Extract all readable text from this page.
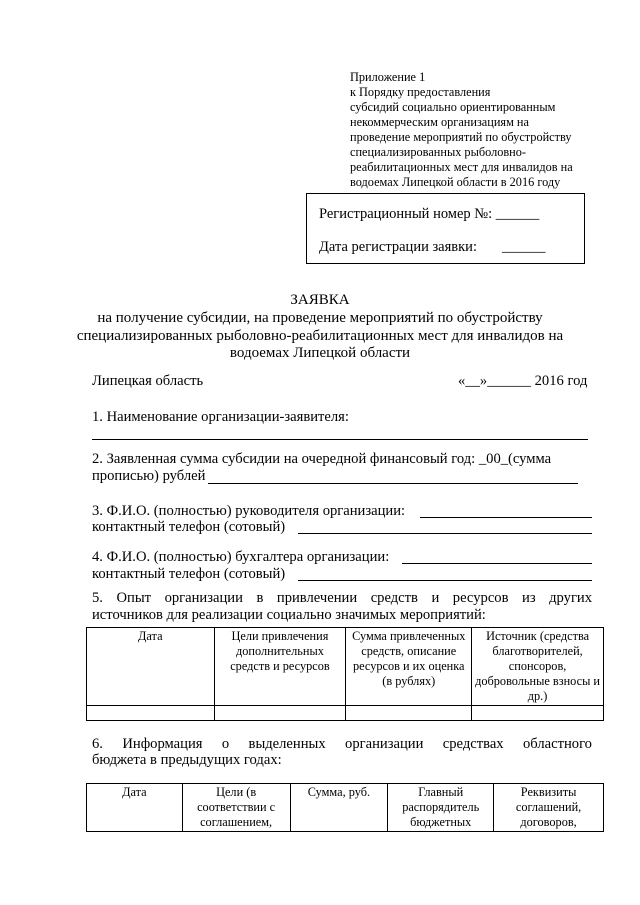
Приложение 1
к Порядку предоставления
субсидий социально ориентированным
некоммерческим организациям на
проведение мероприятий по обустройству
специализированных рыболовно-
реабилитационных мест для инвалидов на
водоемах Липецкой области в 2016 году
Регистрационный номер №: ______
Дата регистрации заявки: ______
ЗАЯВКА
на получение субсидии, на проведение мероприятий по обустройству
специализированных рыболовно-реабилитационных мест для инвалидов на
водоемах Липецкой области
Липецкая область	«__»______ 2016 год
1. Наименование организации-заявителя:
2. Заявленная сумма субсидии на очередной финансовый год: _00_(сумма
прописью) рублей
3. Ф.И.О. (полностью) руководителя организации:
контактный телефон (сотовый)
4. Ф.И.О. (полностью) бухгалтера организации:
контактный телефон (сотовый)
5. Опыт организации в привлечении средств и ресурсов из других
источников для реализации социально значимых мероприятий:
Дата	Цели привлечения дополнительных средств и ресурсов	Сумма привлеченных средств, описание ресурсов и их оценка (в рублях)	Источник (средства благотворителей, спонсоров, добровольные взносы и др.)

6. Информация о выделенных организации средствах областного
бюджета в предыдущих годах:
Дата	Цели (в соответствии с соглашением,	Сумма, руб.	Главный распорядитель бюджетных	Реквизиты соглашений, договоров,
